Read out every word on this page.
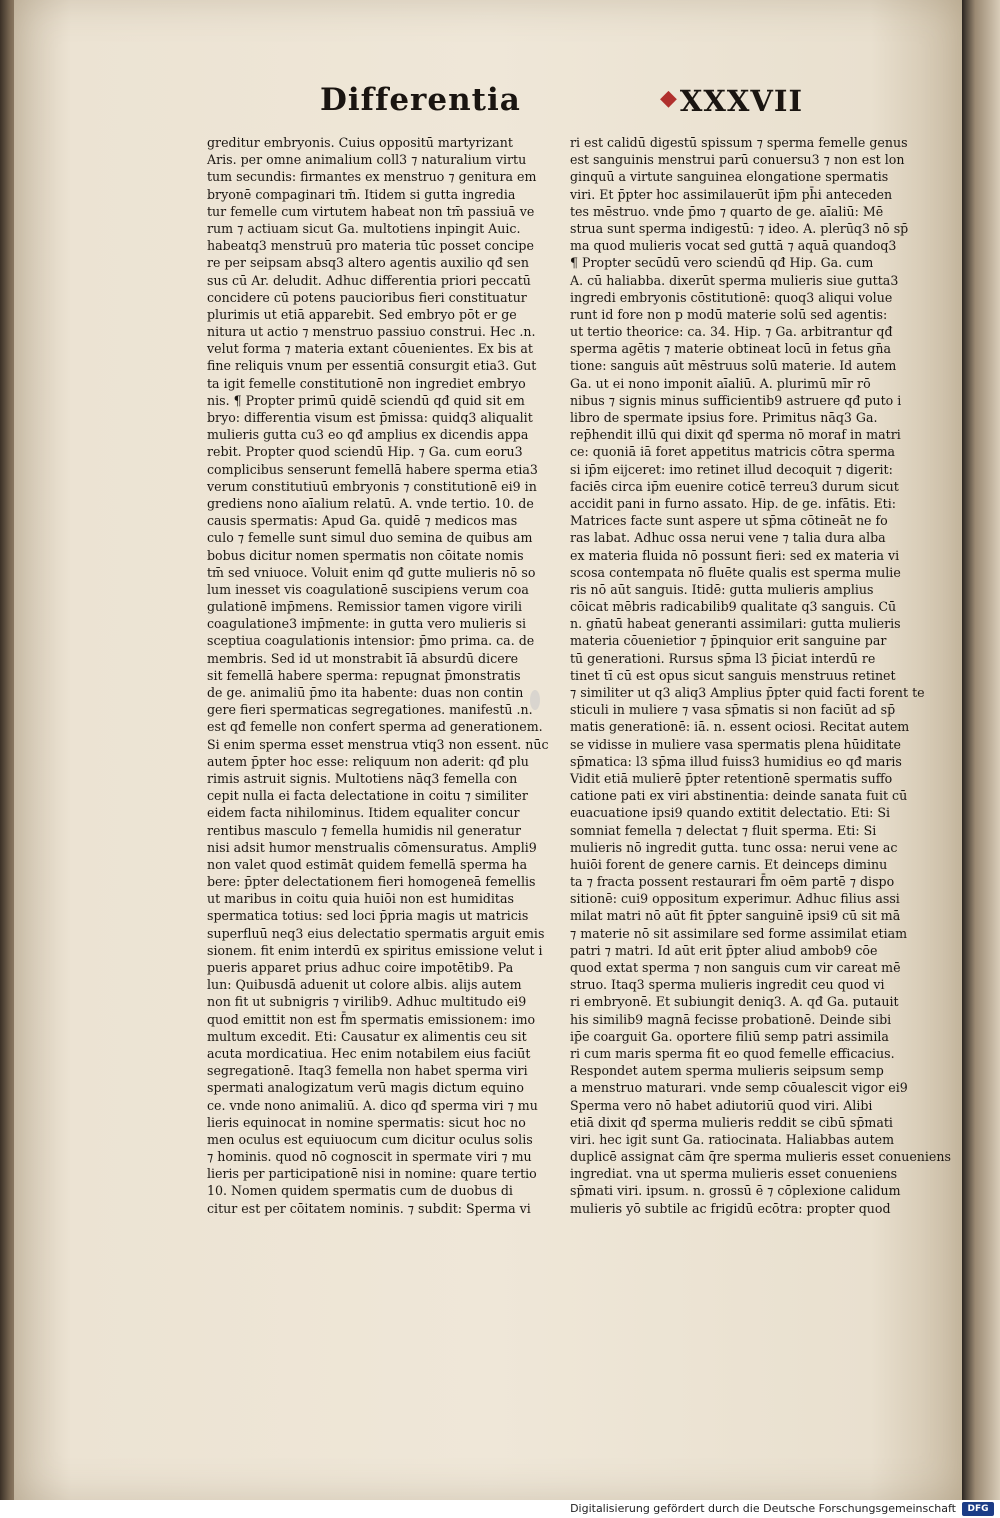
Differentia	◆XXXVII
greditur embryonis. Cuius oppositū martyrizant
Aris. per omne animalium coll3 ⁊ naturalium virtu
tum secundis: firmantes ex menstruo ⁊ genitura em
bryonē compaginari tm̄. Itidem si gutta ingredia
tur femelle cum virtutem habeat non tm̄ passiuā ve
rum ⁊ actiuam sicut Ga. multotiens inpingit Auic.
habeatq3 menstruū pro materia tūc posset concipe
re per seipsam absq3 altero agentis auxilio qđ sen
sus cū Ar. deludit. Adhuc differentia priori peccatū
concidere cū potens paucioribus fieri constituatur
plurimis ut etiā apparebit. Sed embryo pōt er ge
nitura ut actio ⁊ menstruo passiuo construi. Hec .n.
velut forma ⁊ materia extant cōuenientes. Ex bis at
fine reliquis vnum per essentiā consurgit etia3. Gut
ta igit femelle constitutionē non ingrediet embryo
nis. ¶ Propter primū quidē sciendū qđ quid sit em
bryo: differentia visum est p̄missa: quidq3 aliqualit
mulieris gutta cu3 eo qđ amplius ex dicendis appa
rebit. Propter quod sciendū Hip. ⁊ Ga. cum eoru3
complicibus senserunt femellā habere sperma etia3
verum constitutiuū embryonis ⁊ constitutionē ei9 in
grediens nono aīalium relatū. A. vnde tertio. 10. de
causis spermatis: Apud Ga. quidē ⁊ medicos mas
culo ⁊ femelle sunt simul duo semina de quibus am
bobus dicitur nomen spermatis non cōitate nomis
tm̄ sed vniuoce. Voluit enim qđ gutte mulieris nō so
lum inesset vis coagulationē suscipiens verum coa
gulationē imp̄mens. Remissior tamen vigore virili
coagulatione3 imp̄mente: in gutta vero mulieris si
sceptiua coagulationis intensior: p̄mo prima. ca. de
membris. Sed id ut monstrabit īā absurdū dicere
sit femellā habere sperma: repugnat p̄monstratis
de ge. animaliū p̄mo ita habente: duas non contin
gere fieri spermaticas segregationes. manifestū .n.
est qđ femelle non confert sperma ad generationem.
Si enim sperma esset menstrua vtiq3 non essent. nūc
autem p̄pter hoc esse: reliquum non aderit: qđ plu
rimis astruit signis. Multotiens nāq3 femella con
cepit nulla ei facta delectatione in coitu ⁊ similiter
eidem facta nihilominus. Itidem equaliter concur
rentibus masculo ⁊ femella humidis nil generatur
nisi adsit humor menstrualis cōmensuratus. Ampli9
non valet quod estimāt quidem femellā sperma ha
bere: p̄pter delectationem fieri homogeneā femellis
ut maribus in coitu quia huiōi non est humiditas
spermatica totius: sed loci p̄pria magis ut matricis
superfluū neq3 eius delectatio spermatis arguit emis
sionem. fit enim interdū ex spiritus emissione velut i
pueris apparet prius adhuc coire impotētib9. Pa
lun: Quibusdā aduenit ut colore albis. alijs autem
non fit ut subnigris ⁊ virilib9. Adhuc multitudo ei9
quod emittit non est f̄m spermatis emissionem: imo
multum excedit. Eti: Causatur ex alimentis ceu sit
acuta mordicatiua. Hec enim notabilem eius faciūt
segregationē. Itaq3 femella non habet sperma viri
spermati analogizatum verū magis dictum equino
ce. vnde nono animaliū. A. dico qđ sperma viri ⁊ mu
lieris equinocat in nomine spermatis: sicut hoc no
men oculus est equiuocum cum dicitur oculus solis
⁊ hominis. quod nō cognoscit in spermate viri ⁊ mu
lieris per participationē nisi in nomine: quare tertio
10. Nomen quidem spermatis cum de duobus di
citur est per cōitatem nominis. ⁊ subdit: Sperma vi
ri est calidū digestū spissum ⁊ sperma femelle genus
est sanguinis menstrui parū conuersu3 ⁊ non est lon
ginquū a virtute sanguinea elongatione spermatis
viri. Et p̄pter hoc assimilauerūt ip̄m ph̄i anteceden
tes mēstruo. vnde p̄mo ⁊ quarto de ge. aīaliū: Mē
strua sunt sperma indigestū: ⁊ ideo. A. plerūq3 nō sp̄
ma quod mulieris vocat sed guttā ⁊ aquā quandoq3
¶ Propter secūdū vero sciendū qđ Hip. Ga. cum
A. cū haliabba. dixerūt sperma mulieris siue gutta3
ingredi embryonis cōstitutionē: quoq3 aliqui volue
runt id fore non p modū materie solū sed agentis:
ut tertio theorice: ca. 34. Hip. ⁊ Ga. arbitrantur qđ
sperma agētis ⁊ materie obtineat locū in fetus gn̄a
tione: sanguis aūt mēstruus solū materie. Id autem
Ga. ut ei nono imponit aīaliū. A. plurimū mīr rō
nibus ⁊ signis minus sufficientib9 astruere qđ puto i
libro de spermate ipsius fore. Primitus nāq3 Ga.
rep̄hendit illū qui dixit qđ sperma nō moraf in matri
ce: quoniā iā foret appetitus matricis cōtra sperma
si ip̄m eijceret: imo retinet illud decoquit ⁊ digerit:
faciēs circa ip̄m euenire coticē terreu3 durum sicut
accidit pani in furno assato. Hip. de ge. infātis. Eti:
Matrices facte sunt aspere ut sp̄ma cōtineāt ne fo
ras labat. Adhuc ossa nerui vene ⁊ talia dura alba
ex materia fluida nō possunt fieri: sed ex materia vi
scosa contempata nō fluēte qualis est sperma mulie
ris nō aūt sanguis. Itidē: gutta mulieris amplius
cōicat mēbris radicabilib9 qualitate q3 sanguis. Cū
n. gn̄atū habeat generanti assimilari: gutta mulieris
materia cōuenietior ⁊ p̄pinquior erit sanguine par
tū generationi. Rursus sp̄ma l3 p̄iciat interdū re
tinet tī cū est opus sicut sanguis menstruus retinet
⁊ similiter ut q3 aliq3 Amplius p̄pter quid facti forent te
sticuli in muliere ⁊ vasa sp̄matis si non faciūt ad sp̄
matis generationē: iā. n. essent ociosi. Recitat autem
se vidisse in muliere vasa spermatis plena hūiditate
sp̄matica: l3 sp̄ma illud fuiss3 humidius eo qđ maris
Vidit etiā mulierē p̄pter retentionē spermatis suffo
catione pati ex viri abstinentia: deinde sanata fuit cū
euacuatione ipsi9 quando extitit delectatio. Eti: Si
somniat femella ⁊ delectat ⁊ fluit sperma. Eti: Si
mulieris nō ingredit gutta. tunc ossa: nerui vene ac
huiōi forent de genere carnis. Et deinceps diminu
ta ⁊ fracta possent restaurari f̄m oēm partē ⁊ dispo
sitionē: cui9 oppositum experimur. Adhuc filius assi
milat matri nō aūt fit p̄pter sanguinē ipsi9 cū sit mā
⁊ materie nō sit assimilare sed forme assimilat etiam
patri ⁊ matri. Id aūt erit p̄pter aliud ambob9 cōe
quod extat sperma ⁊ non sanguis cum vir careat mē
struo. Itaq3 sperma mulieris ingredit ceu quod vi
ri embryonē. Et subiungit deniq3. A. qđ Ga. putauit
his similib9 magnā fecisse probationē. Deinde sibi
ip̄e coarguit Ga. oportere filiū semp patri assimila
ri cum maris sperma fit eo quod femelle efficacius.
Respondet autem sperma mulieris seipsum semp
a menstruo maturari. vnde semp cōualescit vigor ei9
Sperma vero nō habet adiutoriū quod viri. Alibi
etiā dixit qđ sperma mulieris reddit se cibū sp̄mati
viri. hec igit sunt Ga. ratiocinata. Haliabbas autem
duplicē assignat cām q̄re sperma mulieris esset conueniens
ingrediat. vna ut sperma mulieris esset conueniens
sp̄mati viri. ipsum. n. grossū ē ⁊ cōplexione calidum
mulieris yō subtile ac frigidū ecōtra: propter quod
Digitalisierung gefördert durch die Deutsche Forschungsgemeinschaft	DFG
